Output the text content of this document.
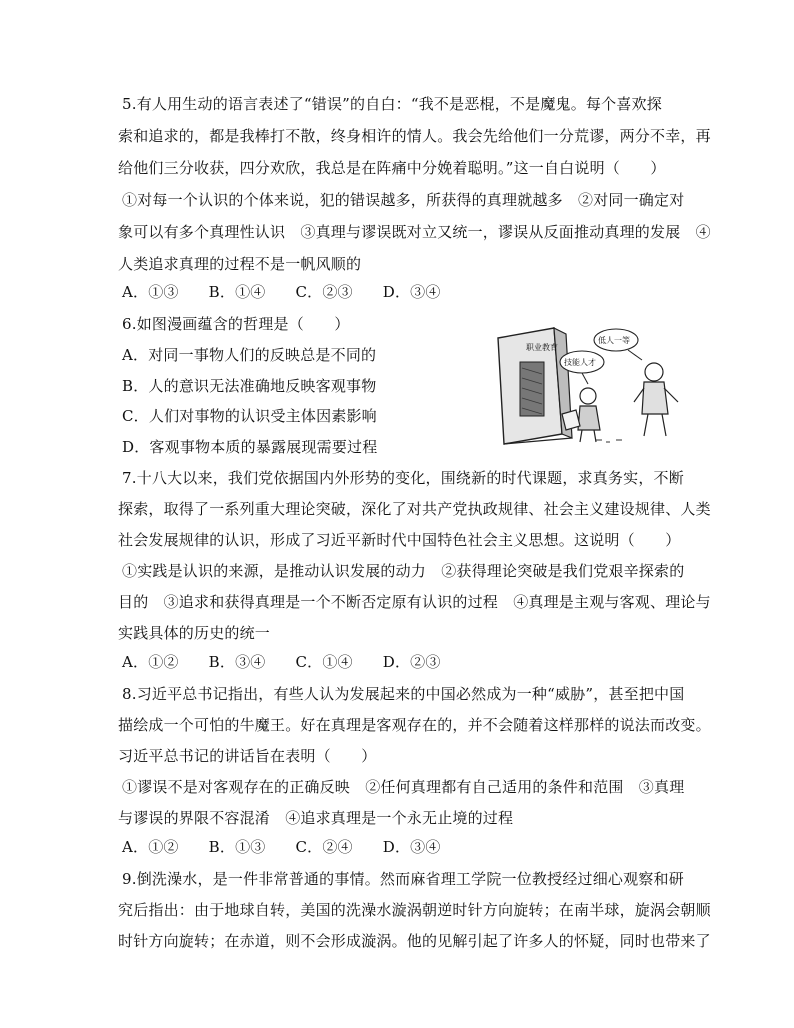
5.有人用生动的语言表述了“错误”的自白：“我不是恶棍，不是魔鬼。每个喜欢探
索和追求的，都是我棒打不散，终身相许的情人。我会先给他们一分荒谬，两分不幸，再
给他们三分收获，四分欢欣，我总是在阵痛中分娩着聪明。”这一自白说明（　　）
①对每一个认识的个体来说，犯的错误越多，所获得的真理就越多　②对同一确定对
象可以有多个真理性认识　③真理与谬误既对立又统一，谬误从反面推动真理的发展　④
人类追求真理的过程不是一帆风顺的
A．①③ B．①④ C．②③ D．③④
6.如图漫画蕴含的哲理是（　　）
A．对同一事物人们的反映总是不同的
B．人的意识无法准确地反映客观事物
C．人们对事物的认识受主体因素影响
D．客观事物本质的暴露展现需要过程
职业教育
技能人才
低人一等
7.十八大以来，我们党依据国内外形势的变化，围绕新的时代课题，求真务实，不断
探索，取得了一系列重大理论突破，深化了对共产党执政规律、社会主义建设规律、人类
社会发展规律的认识，形成了习近平新时代中国特色社会主义思想。这说明（　　）
①实践是认识的来源，是推动认识发展的动力　②获得理论突破是我们党艰辛探索的
目的　③追求和获得真理是一个不断否定原有认识的过程　④真理是主观与客观、理论与
实践具体的历史的统一
A．①② B．③④ C．①④ D．②③
8.习近平总书记指出，有些人认为发展起来的中国必然成为一种“威胁”，甚至把中国
描绘成一个可怕的牛魔王。好在真理是客观存在的，并不会随着这样那样的说法而改变。
习近平总书记的讲话旨在表明（　　）
①谬误不是对客观存在的正确反映　②任何真理都有自己适用的条件和范围　③真理
与谬误的界限不容混淆　④追求真理是一个永无止境的过程
A．①② B．①③ C．②④ D．③④
9.倒洗澡水，是一件非常普通的事情。然而麻省理工学院一位教授经过细心观察和研
究后指出：由于地球自转，美国的洗澡水漩涡朝逆时针方向旋转；在南半球，旋涡会朝顺
时针方向旋转；在赤道，则不会形成漩涡。他的见解引起了许多人的怀疑，同时也带来了
